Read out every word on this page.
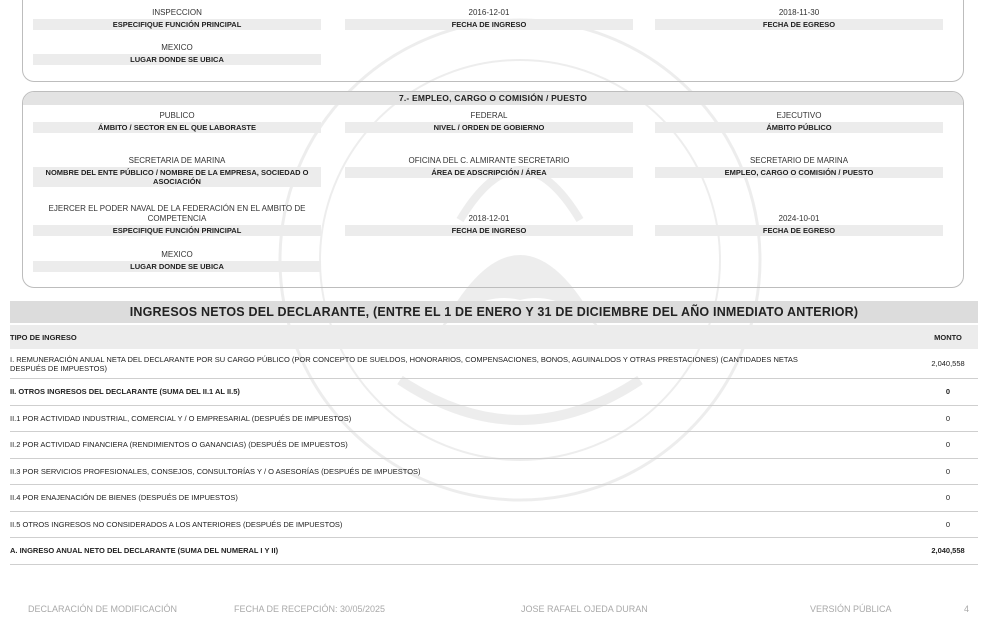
INSPECCION
ESPECIFIQUE FUNCIÓN PRINCIPAL
2016-12-01
FECHA DE INGRESO
2018-11-30
FECHA DE EGRESO
MEXICO
LUGAR DONDE SE UBICA
7.- EMPLEO, CARGO O COMISIÓN / PUESTO
PUBLICO
ÁMBITO / SECTOR EN EL QUE LABORASTE
FEDERAL
NIVEL / ORDEN DE GOBIERNO
EJECUTIVO
ÁMBITO PÚBLICO
SECRETARIA DE MARINA
NOMBRE DEL ENTE PÚBLICO / NOMBRE DE LA EMPRESA, SOCIEDAD O ASOCIACIÓN
OFICINA DEL C. ALMIRANTE SECRETARIO
ÁREA DE ADSCRIPCIÓN / ÁREA
SECRETARIO DE MARINA
EMPLEO, CARGO O COMISIÓN / PUESTO
EJERCER EL PODER NAVAL DE LA FEDERACIÓN EN EL AMBITO DE COMPETENCIA
ESPECIFIQUE FUNCIÓN PRINCIPAL
2018-12-01
FECHA DE INGRESO
2024-10-01
FECHA DE EGRESO
MEXICO
LUGAR DONDE SE UBICA
INGRESOS NETOS DEL DECLARANTE, (ENTRE EL 1 DE ENERO Y 31 DE DICIEMBRE DEL AÑO INMEDIATO ANTERIOR)
TIPO DE INGRESO	MONTO
I. REMUNERACIÓN ANUAL NETA DEL DECLARANTE POR SU CARGO PÚBLICO (POR CONCEPTO DE SUELDOS, HONORARIOS, COMPENSACIONES, BONOS, AGUINALDOS Y OTRAS PRESTACIONES) (CANTIDADES NETAS DESPUÉS DE IMPUESTOS)	2,040,558
II. OTROS INGRESOS DEL DECLARANTE (SUMA DEL II.1 AL II.5)	0
II.1 POR ACTIVIDAD INDUSTRIAL, COMERCIAL Y / O EMPRESARIAL (DESPUÉS DE IMPUESTOS)	0
II.2 POR ACTIVIDAD FINANCIERA (RENDIMIENTOS O GANANCIAS) (DESPUÉS DE IMPUESTOS)	0
II.3 POR SERVICIOS PROFESIONALES, CONSEJOS, CONSULTORÍAS Y / O ASESORÍAS (DESPUÉS DE IMPUESTOS)	0
II.4 POR ENAJENACIÓN DE BIENES (DESPUÉS DE IMPUESTOS)	0
II.5 OTROS INGRESOS NO CONSIDERADOS A LOS ANTERIORES (DESPUÉS DE IMPUESTOS)	0
A. INGRESO ANUAL NETO DEL DECLARANTE (SUMA DEL NUMERAL I Y II)	2,040,558
DECLARACIÓN DE MODIFICACIÓN	FECHA DE RECEPCIÓN: 30/05/2025	JOSE RAFAEL OJEDA DURAN	VERSIÓN PÚBLICA	4
